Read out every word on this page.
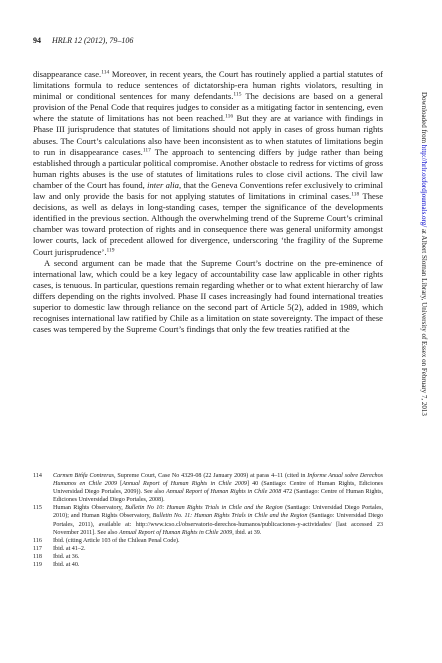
94 HRLR 12 (2012), 79–106

disappearance case.$^{114}$ Moreover, in recent years, the Court has routinely applied a partial statutes of limitations formula to reduce sentences of dictatorship-era human rights violators, resulting in minimal or conditional sentences for many defendants.$^{115}$ The decisions are based on a general provision of the Penal Code that requires judges to consider as a mitigating factor in sentencing, even where the statute of limitations has not been reached.$^{116}$ But they are at variance with findings in Phase III jurisprudence that statutes of limitations should not apply in cases of gross human rights abuses. The Court’s calculations also have been inconsistent as to when statutes of limitations begin to run in disappearance cases.$^{117}$ The approach to sentencing differs by judge rather than being established through a particular political compromise. Another obstacle to redress for victims of gross human rights abuses is the use of statutes of limitations rules to close civil actions. The civil law chamber of the Court has found, inter alia, that the Geneva Conventions refer exclusively to criminal law and only provide the basis for not applying statutes of limitations in criminal cases.$^{118}$ These decisions, as well as delays in long-standing cases, temper the significance of the developments identified in the previous section. Although the overwhelming trend of the Supreme Court’s criminal chamber was toward protection of rights and in consequence there was general uniformity amongst lower courts, lack of precedent allowed for divergence, underscoring ‘the fragility of the Supreme Court jurisprudence’.$^{119}$

A second argument can be made that the Supreme Court’s doctrine on the pre-eminence of international law, which could be a key legacy of accountability case law applicable in other rights cases, is tenuous. In particular, questions remain regarding whether or to what extent hierarchy of law differs depending on the rights involved. Phase II cases increasingly had found international treaties superior to domestic law through reliance on the second part of Article 5(2), added in 1989, which recognises international law ratified by Chile as a limitation on state sovereignty. The impact of these cases was tempered by the Supreme Court’s findings that only the few treaties ratified at the

114	Carmen Bińfa Contreras, Supreme Court, Case No 4329-08 (22 January 2009) at paras 4–11 (cited in Informe Anual sobre Derechos Humanos en Chile 2009 [Annual Report of Human Rights in Chile 2009] 40 (Santiago: Centre of Human Rights, Ediciones Universidad Diego Portales, 2009)). See also Annual Report of Human Rights in Chile 2008 472 (Santiago: Centre of Human Rights, Ediciones Universidad Diego Portales, 2008).
115	Human Rights Observatory, Bulletin No 10: Human Rights Trials in Chile and the Region (Santiago: Universidad Diego Portales, 2010); and Human Rights Observatory, Bulletin No. 11: Human Rights Trials in Chile and the Region (Santiago: Universidad Diego Portales, 2011), available at: http://www.icso.cl/observatorio-derechos-humanos/publicaciones-y-actividades/ [last accessed 23 November 2011]. See also Annual Report of Human Rights in Chile 2009, ibid. at 39.
116	Ibid. (citing Article 103 of the Chilean Penal Code).
117	Ibid. at 41–2.
118	Ibid. at 36.
119	Ibid. at 40.
Downloaded from http://hrlr.oxfordjournals.org/ at Albert Sloman Library, University of Essex on February 7, 2013
